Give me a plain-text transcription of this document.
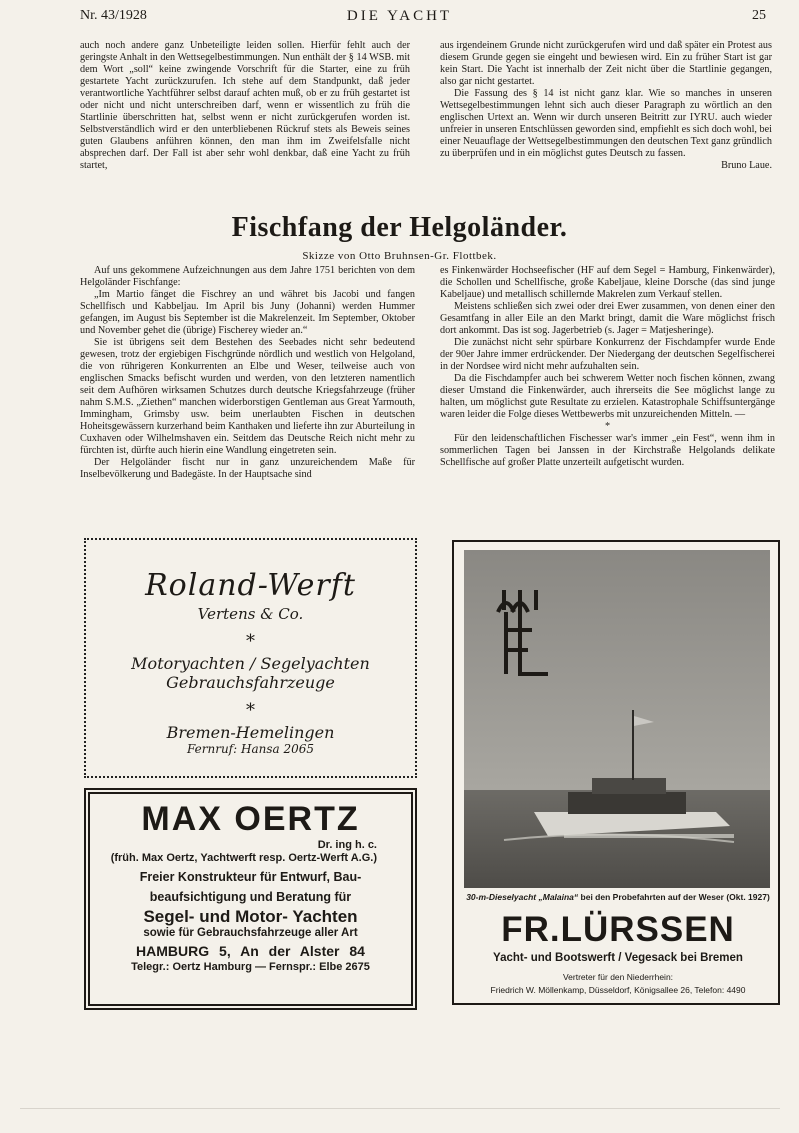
Nr. 43/1928	DIE YACHT	25

auch noch andere ganz Unbeteiligte leiden sollen. Hierfür fehlt auch der geringste Anhalt in den Wettsegelbestimmungen. Nun enthält der § 14 WSB. mit dem Wort „soll“ keine zwingende Vorschrift für die Starter, eine zu früh gestartete Yacht zurückzurufen. Ich stehe auf dem Standpunkt, daß jeder verantwortliche Yachtführer selbst darauf achten muß, ob er zu früh gestartet ist oder nicht und nicht unterschreiben darf, wenn er wissentlich zu früh die Startlinie überschritten hat, selbst wenn er nicht zurückgerufen worden ist. Selbstverständlich wird er den unterbliebenen Rückruf stets als Beweis seines guten Glaubens anführen können, den man ihm im Zweifelsfalle nicht absprechen darf. Der Fall ist aber sehr wohl denkbar, daß eine Yacht zu früh startet,

aus irgendeinem Grunde nicht zurückgerufen wird und daß später ein Protest aus diesem Grunde gegen sie eingeht und bewiesen wird. Ein zu früher Start ist gar kein Start. Die Yacht ist innerhalb der Zeit nicht über die Startlinie gegangen, also gar nicht gestartet.

Die Fassung des § 14 ist nicht ganz klar. Wie so manches in unseren Wettsegelbestimmungen lehnt sich auch dieser Paragraph zu wörtlich an den englischen Urtext an. Wenn wir durch unseren Beitritt zur IYRU. auch wieder unfreier in unseren Entschlüssen geworden sind, empfiehlt es sich doch wohl, bei einer Neuauflage der Wettsegelbestimmungen den deutschen Text ganz gründlich zu überprüfen und in ein möglichst gutes Deutsch zu fassen.

Bruno Laue.

Fischfang der Helgoländer.
Skizze von Otto Bruhnsen-Gr. Flottbek.

Auf uns gekommene Aufzeichnungen aus dem Jahre 1751 berichten von dem Helgoländer Fischfange:

„Im Martio fänget die Fischrey an und währet bis Jacobi und fangen Schellfisch und Kabbeljau. Im April bis Juny (Johanni) werden Hummer gefangen, im August bis September ist die Makrelenzeit. Im September, Oktober und November gehet die (übrige) Fischerey wieder an.“

Sie ist übrigens seit dem Bestehen des Seebades nicht sehr bedeutend gewesen, trotz der ergiebigen Fischgründe nördlich und westlich von Helgoland, die von rührigeren Konkurrenten an Elbe und Weser, teilweise auch von englischen Smacks befischt wurden und werden, von den letzteren namentlich seit dem Aufhören wirksamen Schutzes durch deutsche Kriegsfahrzeuge (früher nahm S.M.S. „Ziethen“ manchen widerborstigen Gentleman aus Great Yarmouth, Immingham, Grimsby usw. beim unerlaubten Fischen in deutschen Hoheitsgewässern kurzerhand beim Kanthaken und lieferte ihn zur Aburteilung in Cuxhaven oder Wilhelmshaven ein. Seitdem das Deutsche Reich nicht mehr zu fürchten ist, dürfte auch hierin eine Wandlung eingetreten sein.

Der Helgoländer fischt nur in ganz unzureichendem Maße für Inselbevölkerung und Badegäste. In der Hauptsache sind

es Finkenwärder Hochseefischer (HF auf dem Segel = Hamburg, Finkenwärder), die Schollen und Schellfische, große Kabeljaue, kleine Dorsche (das sind junge Kabeljaue) und metallisch schillernde Makrelen zum Verkauf stellen.

Meistens schließen sich zwei oder drei Ewer zusammen, von denen einer den Gesamtfang in aller Eile an den Markt bringt, damit die Ware möglichst frisch dort ankommt. Das ist sog. Jagerbetrieb (s. Jager = Matjesheringe).

Die zunächst nicht sehr spürbare Konkurrenz der Fischdampfer wurde Ende der 90er Jahre immer erdrückender. Der Niedergang der deutschen Segelfischerei in der Nordsee wird nicht mehr aufzuhalten sein.

Da die Fischdampfer auch bei schwerem Wetter noch fischen können, zwang dieser Umstand die Finkenwärder, auch ihrerseits die See möglichst lange zu halten, um möglichst gute Resultate zu erzielen. Katastrophale Schiffsuntergänge waren leider die Folge dieses Wettbewerbs mit unzureichenden Mitteln. —

*

Für den leidenschaftlichen Fischesser war's immer „ein Fest“, wenn ihm in sommerlichen Tagen bei Janssen in der Kirchstraße Helgolands delikate Schellfische auf großer Platte unzerteilt aufgetischt wurden.

Roland-Werft
Vertens & Co.
*
Motoryachten / Segelyachten
Gebrauchsfahrzeuge
*
Bremen-Hemelingen
Fernruf: Hansa 2065
MAX OERTZ
Dr. ing h. c.
(früh. Max Oertz, Yachtwerft resp. Oertz-Werft A.G.)
Freier Konstrukteur für Entwurf, Bau-
beaufsichtigung und Beratung für
Segel- und Motor- Yachten
sowie für Gebrauchsfahrzeuge aller Art
HAMBURG 5, An der Alster 84
Telegr.: Oertz Hamburg — Fernspr.: Elbe 2675
30-m-Dieselyacht „Malaina“ bei den Probefahrten auf der Weser (Okt. 1927)
FR.LÜRSSEN
Yacht- und Bootswerft / Vegesack bei Bremen
Vertreter für den Niederrhein:
Friedrich W. Möllenkamp, Düsseldorf, Königsallee 26, Telefon: 4490
